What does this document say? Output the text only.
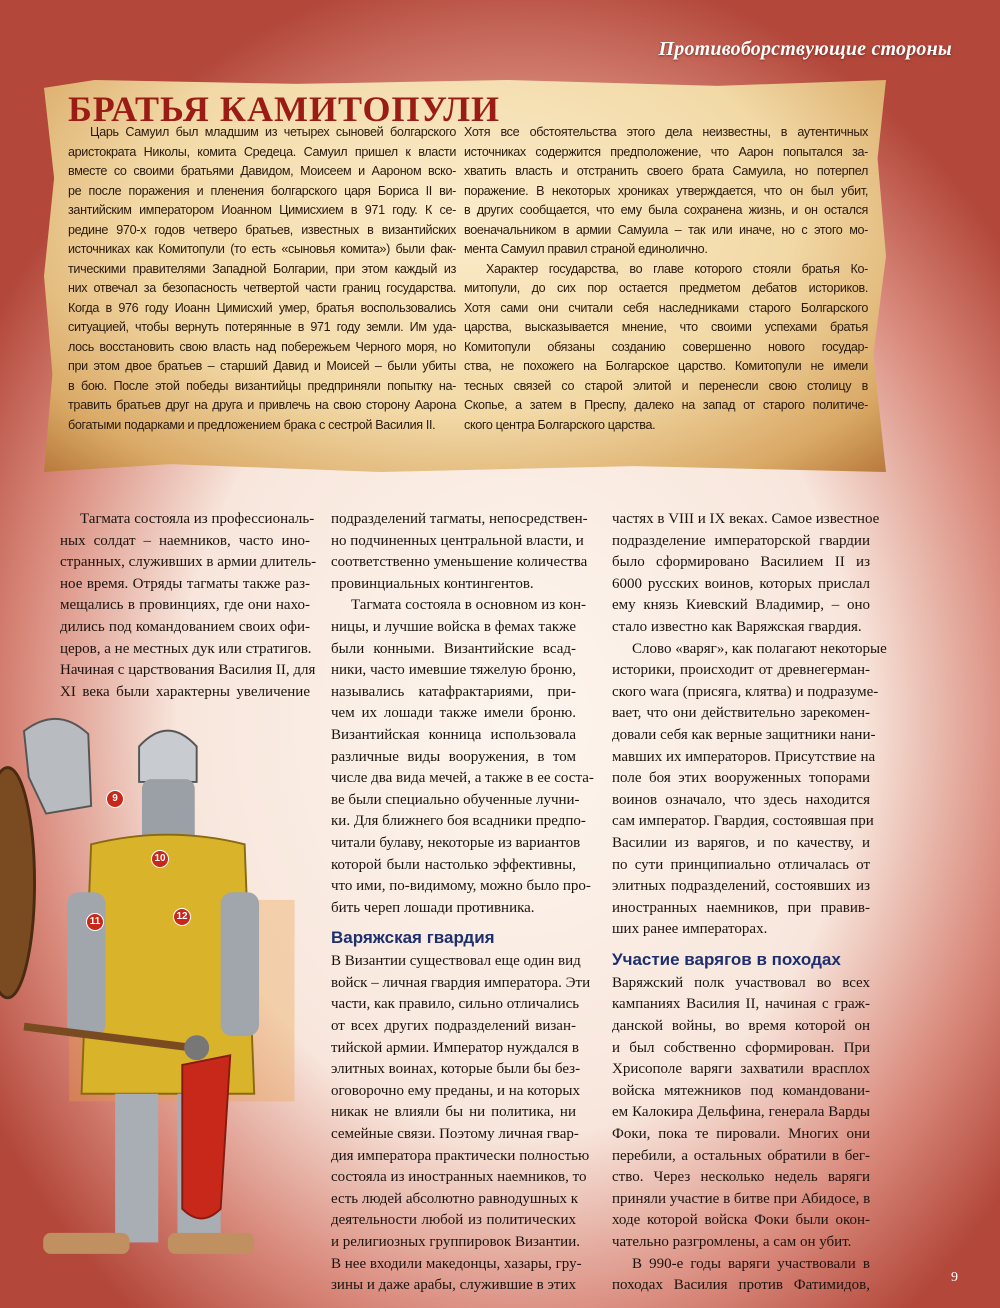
Противоборствующие стороны
БРАТЬЯ КАМИТОПУЛИ
Царь Самуил был младшим из четырех сыновей болгарского
аристократа Николы, комита Средеца. Самуил пришел к власти
вместе со своими братьями Давидом, Моисеем и Аароном вско-
ре после поражения и пленения болгарского царя Бориса II ви-
зантийским императором Иоанном Цимисхием в 971 году. К се-
редине 970-х годов четверо братьев, известных в византийских
источниках как Комитопули (то есть «сыновья комита») были фак-
тическими правителями Западной Болгарии, при этом каждый из
них отвечал за безопасность четвертой части границ государства.
Когда в 976 году Иоанн Цимисхий умер, братья воспользовались
ситуацией, чтобы вернуть потерянные в 971 году земли. Им уда-
лось восстановить свою власть над побережьем Черного моря, но
при этом двое братьев – старший Давид и Моисей – были убиты
в бою. После этой победы византийцы предприняли попытку на-
травить братьев друг на друга и привлечь на свою сторону Аарона
богатыми подарками и предложением брака с сестрой Василия II.
Хотя все обстоятельства этого дела неизвестны, в аутентичных
источниках содержится предположение, что Аарон попытался за-
хватить власть и отстранить своего брата Самуила, но потерпел
поражение. В некоторых хрониках утверждается, что он был убит,
в других сообщается, что ему была сохранена жизнь, и он остался
военачальником в армии Самуила – так или иначе, но с этого мо-
мента Самуил правил страной единолично.
Характер государства, во главе которого стояли братья Ко-
митопули, до сих пор остается предметом дебатов историков.
Хотя сами они считали себя наследниками старого Болгарского
царства, высказывается мнение, что своими успехами братья
Комитопули обязаны созданию совершенно нового государ-
ства, не похожего на Болгарское царство. Комитопули не имели
тесных связей со старой элитой и перенесли свою столицу в
Скопье, а затем в Преспу, далеко на запад от старого политиче-
ского центра Болгарского царства.
Тагмата состояла из профессиональ-
ных солдат – наемников, часто ино-
странных, служивших в армии длитель-
ное время. Отряды тагматы также раз-
мещались в провинциях, где они нахо-
дились под командованием своих офи-
церов, а не местных дук или стратигов.
Начиная с царствования Василия II, для
XI века были характерны увеличение
подразделений тагматы, непосредствен-
но подчиненных центральной власти, и
соответственно уменьшение количества
провинциальных контингентов.
Тагмата состояла в основном из кон-
ницы, и лучшие войска в фемах также
были конными. Византийские всад-
ники, часто имевшие тяжелую броню,
назывались катафрактариями, при-
чем их лошади также имели броню.
Византийская конница использовала
различные виды вооружения, в том
числе два вида мечей, а также в ее соста-
ве были специально обученные лучни-
ки. Для ближнего боя всадники предпо-
читали булаву, некоторые из вариантов
которой были настолько эффективны,
что ими, по-видимому, можно было про-
бить череп лошади противника.
Варяжская гвардия
В Византии существовал еще один вид
войск – личная гвардия императора. Эти
части, как правило, сильно отличались
от всех других подразделений визан-
тийской армии. Император нуждался в
элитных воинах, которые были бы без-
оговорочно ему преданы, и на которых
никак не влияли бы ни политика, ни
семейные связи. Поэтому личная гвар-
дия императора практически полностью
состояла из иностранных наемников, то
есть людей абсолютно равнодушных к
деятельности любой из политических
и религиозных группировок Византии.
В нее входили македонцы, хазары, гру-
зины и даже арабы, служившие в этих
частях в VIII и IX веках. Самое известное
подразделение императорской гвардии
было сформировано Василием II из
6000 русских воинов, которых прислал
ему князь Киевский Владимир, – оно
стало известно как Варяжская гвардия.
Слово «варяг», как полагают некоторые
историки, происходит от древнегерман-
ского wara (присяга, клятва) и подразуме-
вает, что они действительно зарекомен-
довали себя как верные защитники нани-
мавших их императоров. Присутствие на
поле боя этих вооруженных топорами
воинов означало, что здесь находится
сам император. Гвардия, состоявшая при
Василии из варягов, и по качеству, и
по сути принципиально отличалась от
элитных подразделений, состоявших из
иностранных наемников, при правив-
ших ранее императорах.
Участие варягов в походах
Варяжский полк участвовал во всех
кампаниях Василия II, начиная с граж-
данской войны, во время которой он
и был собственно сформирован. При
Хрисополе варяги захватили врасплох
войска мятежников под командовани-
ем Калокира Дельфина, генерала Варды
Фоки, пока те пировали. Многих они
перебили, а остальных обратили в бег-
ство. Через несколько недель варяги
приняли участие в битве при Абидосе, в
ходе которой войска Фоки были окон-
чательно разгромлены, а сам он убит.
В 990-е годы варяги участвовали в
походах Василия против Фатимидов,
9
10
11	12
9
